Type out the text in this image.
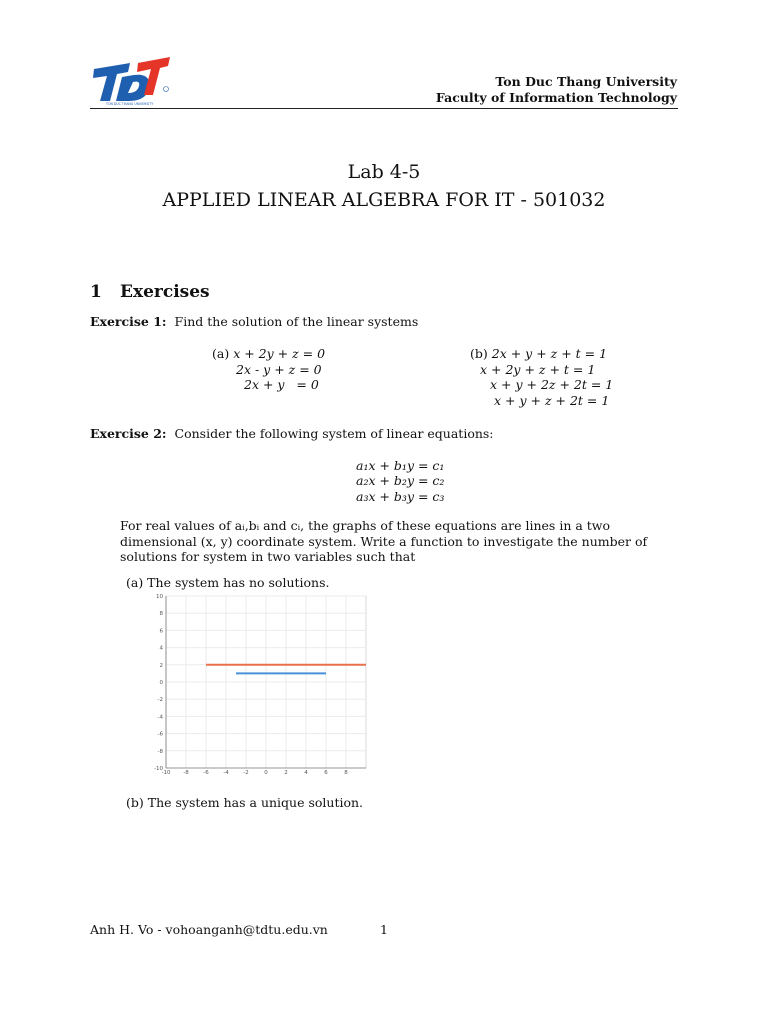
TON DUC THANG UNIVERSITY
Ton Duc Thang University
Faculty of Information Technology
Lab 4-5
APPLIED LINEAR ALGEBRA FOR IT - 501032
1 Exercises
Exercise 1: Find the solution of the linear systems
(a) x + 2y + z = 0
2x - y + z = 0
2x + y   = 0
(b) 2x + y + z + t = 1
x + 2y + z + t = 1
x + y + 2z + 2t = 1
x + y + z + 2t = 1
Exercise 2: Consider the following system of linear equations:
a₁x + b₁y = c₁
a₂x + b₂y = c₂
a₃x + b₃y = c₃
For real values of aᵢ,bᵢ and cᵢ, the graphs of these equations are lines in a two dimensional (x, y) coordinate system. Write a function to investigate the number of solutions for system in two variables such that
(a) The system has no solutions.
-10 -8	-6	-4	-2	0	2	4	6	8
10
8
6
4
2
0
-2
-4
-6
-8
-10
(b) The system has a unique solution.
Anh H. Vo - vohoanganh@tdtu.edu.vn	1
